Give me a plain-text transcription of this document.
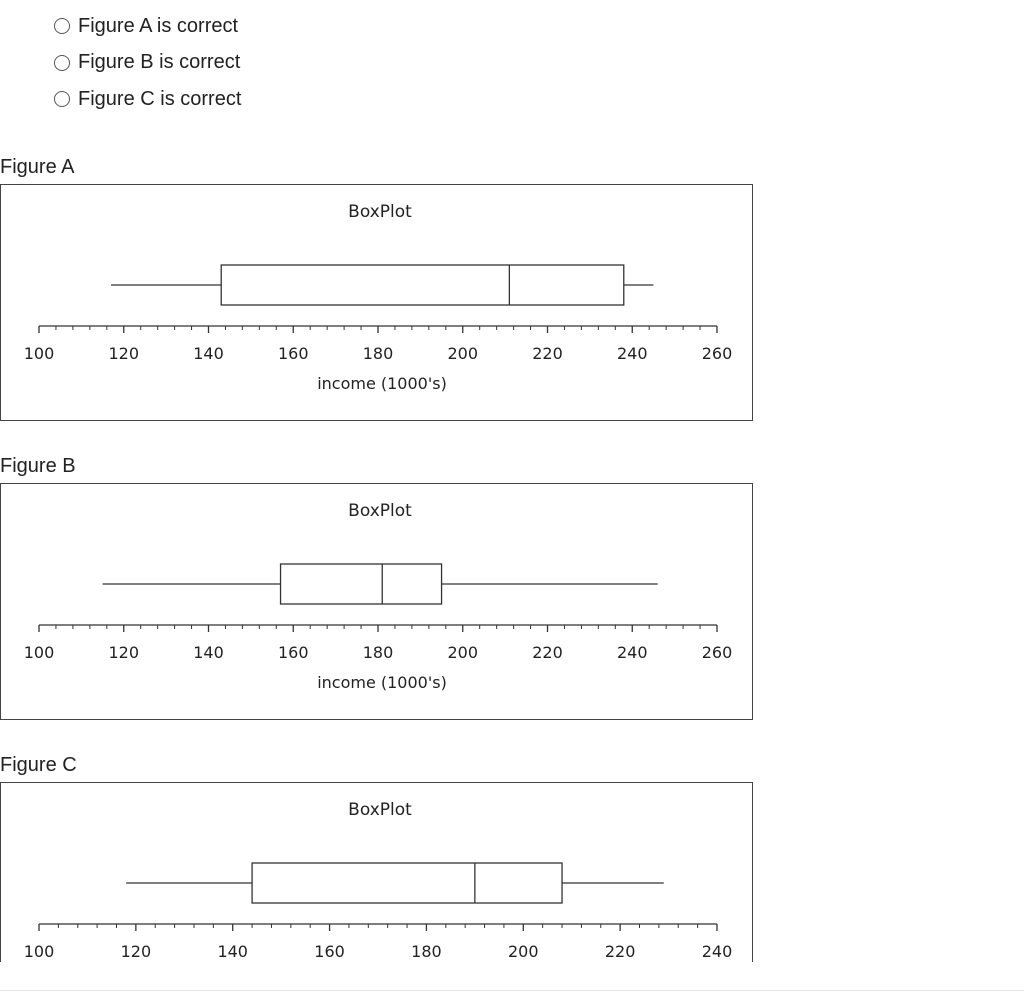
Figure A is correct
Figure B is correct
Figure C is correct
Figure A
BoxPlot
100	120	140	160	180	200	220	240	260
income (1000's)
Figure B
BoxPlot
100	120	140	160	180	200	220	240	260
income (1000's)
Figure C
BoxPlot
100	120	140	160	180	200	220	240
